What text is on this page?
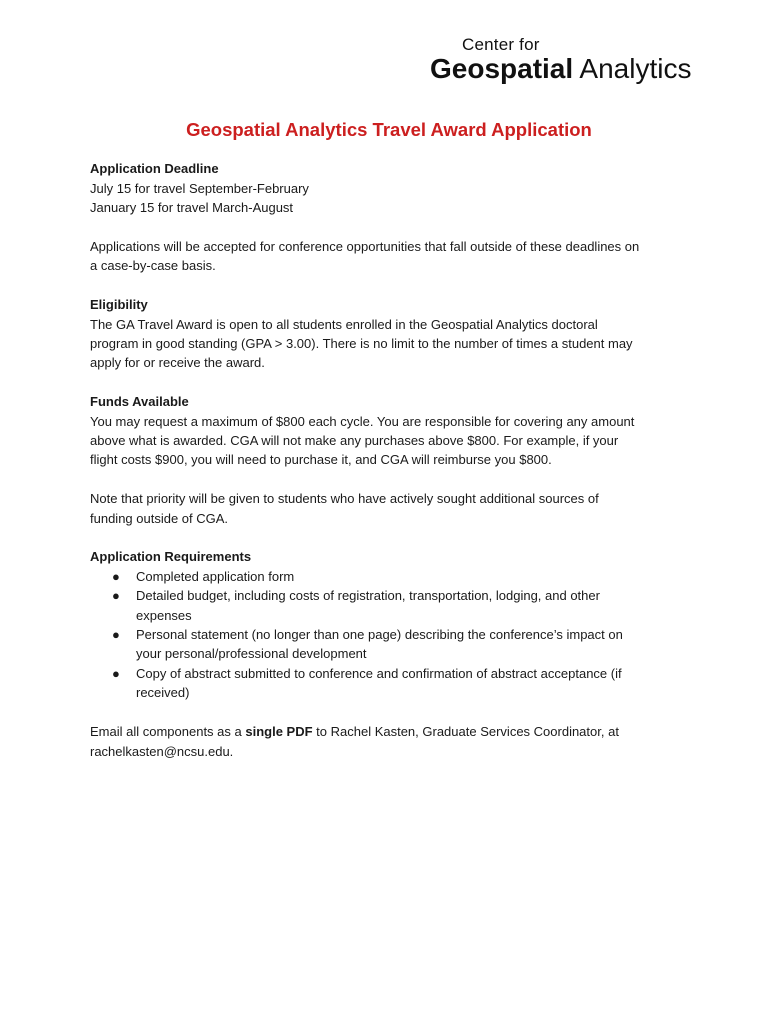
Center for
Geospatial Analytics
Geospatial Analytics Travel Award Application

Application Deadline
July 15 for travel September-February
January 15 for travel March-August

Applications will be accepted for conference opportunities that fall outside of these deadlines on
a case-by-case basis.

Eligibility
The GA Travel Award is open to all students enrolled in the Geospatial Analytics doctoral
program in good standing (GPA > 3.00). There is no limit to the number of times a student may
apply for or receive the award.

Funds Available
You may request a maximum of $800 each cycle. You are responsible for covering any amount
above what is awarded. CGA will not make any purchases above $800. For example, if your
flight costs $900, you will need to purchase it, and CGA will reimburse you $800.

Note that priority will be given to students who have actively sought additional sources of
funding outside of CGA.

Application Requirements
● Completed application form
● Detailed budget, including costs of registration, transportation, lodging, and other
expenses
● Personal statement (no longer than one page) describing the conference’s impact on
your personal/professional development
● Copy of abstract submitted to conference and confirmation of abstract acceptance (if
received)

Email all components as a single PDF to Rachel Kasten, Graduate Services Coordinator, at
rachelkasten@ncsu.edu.
